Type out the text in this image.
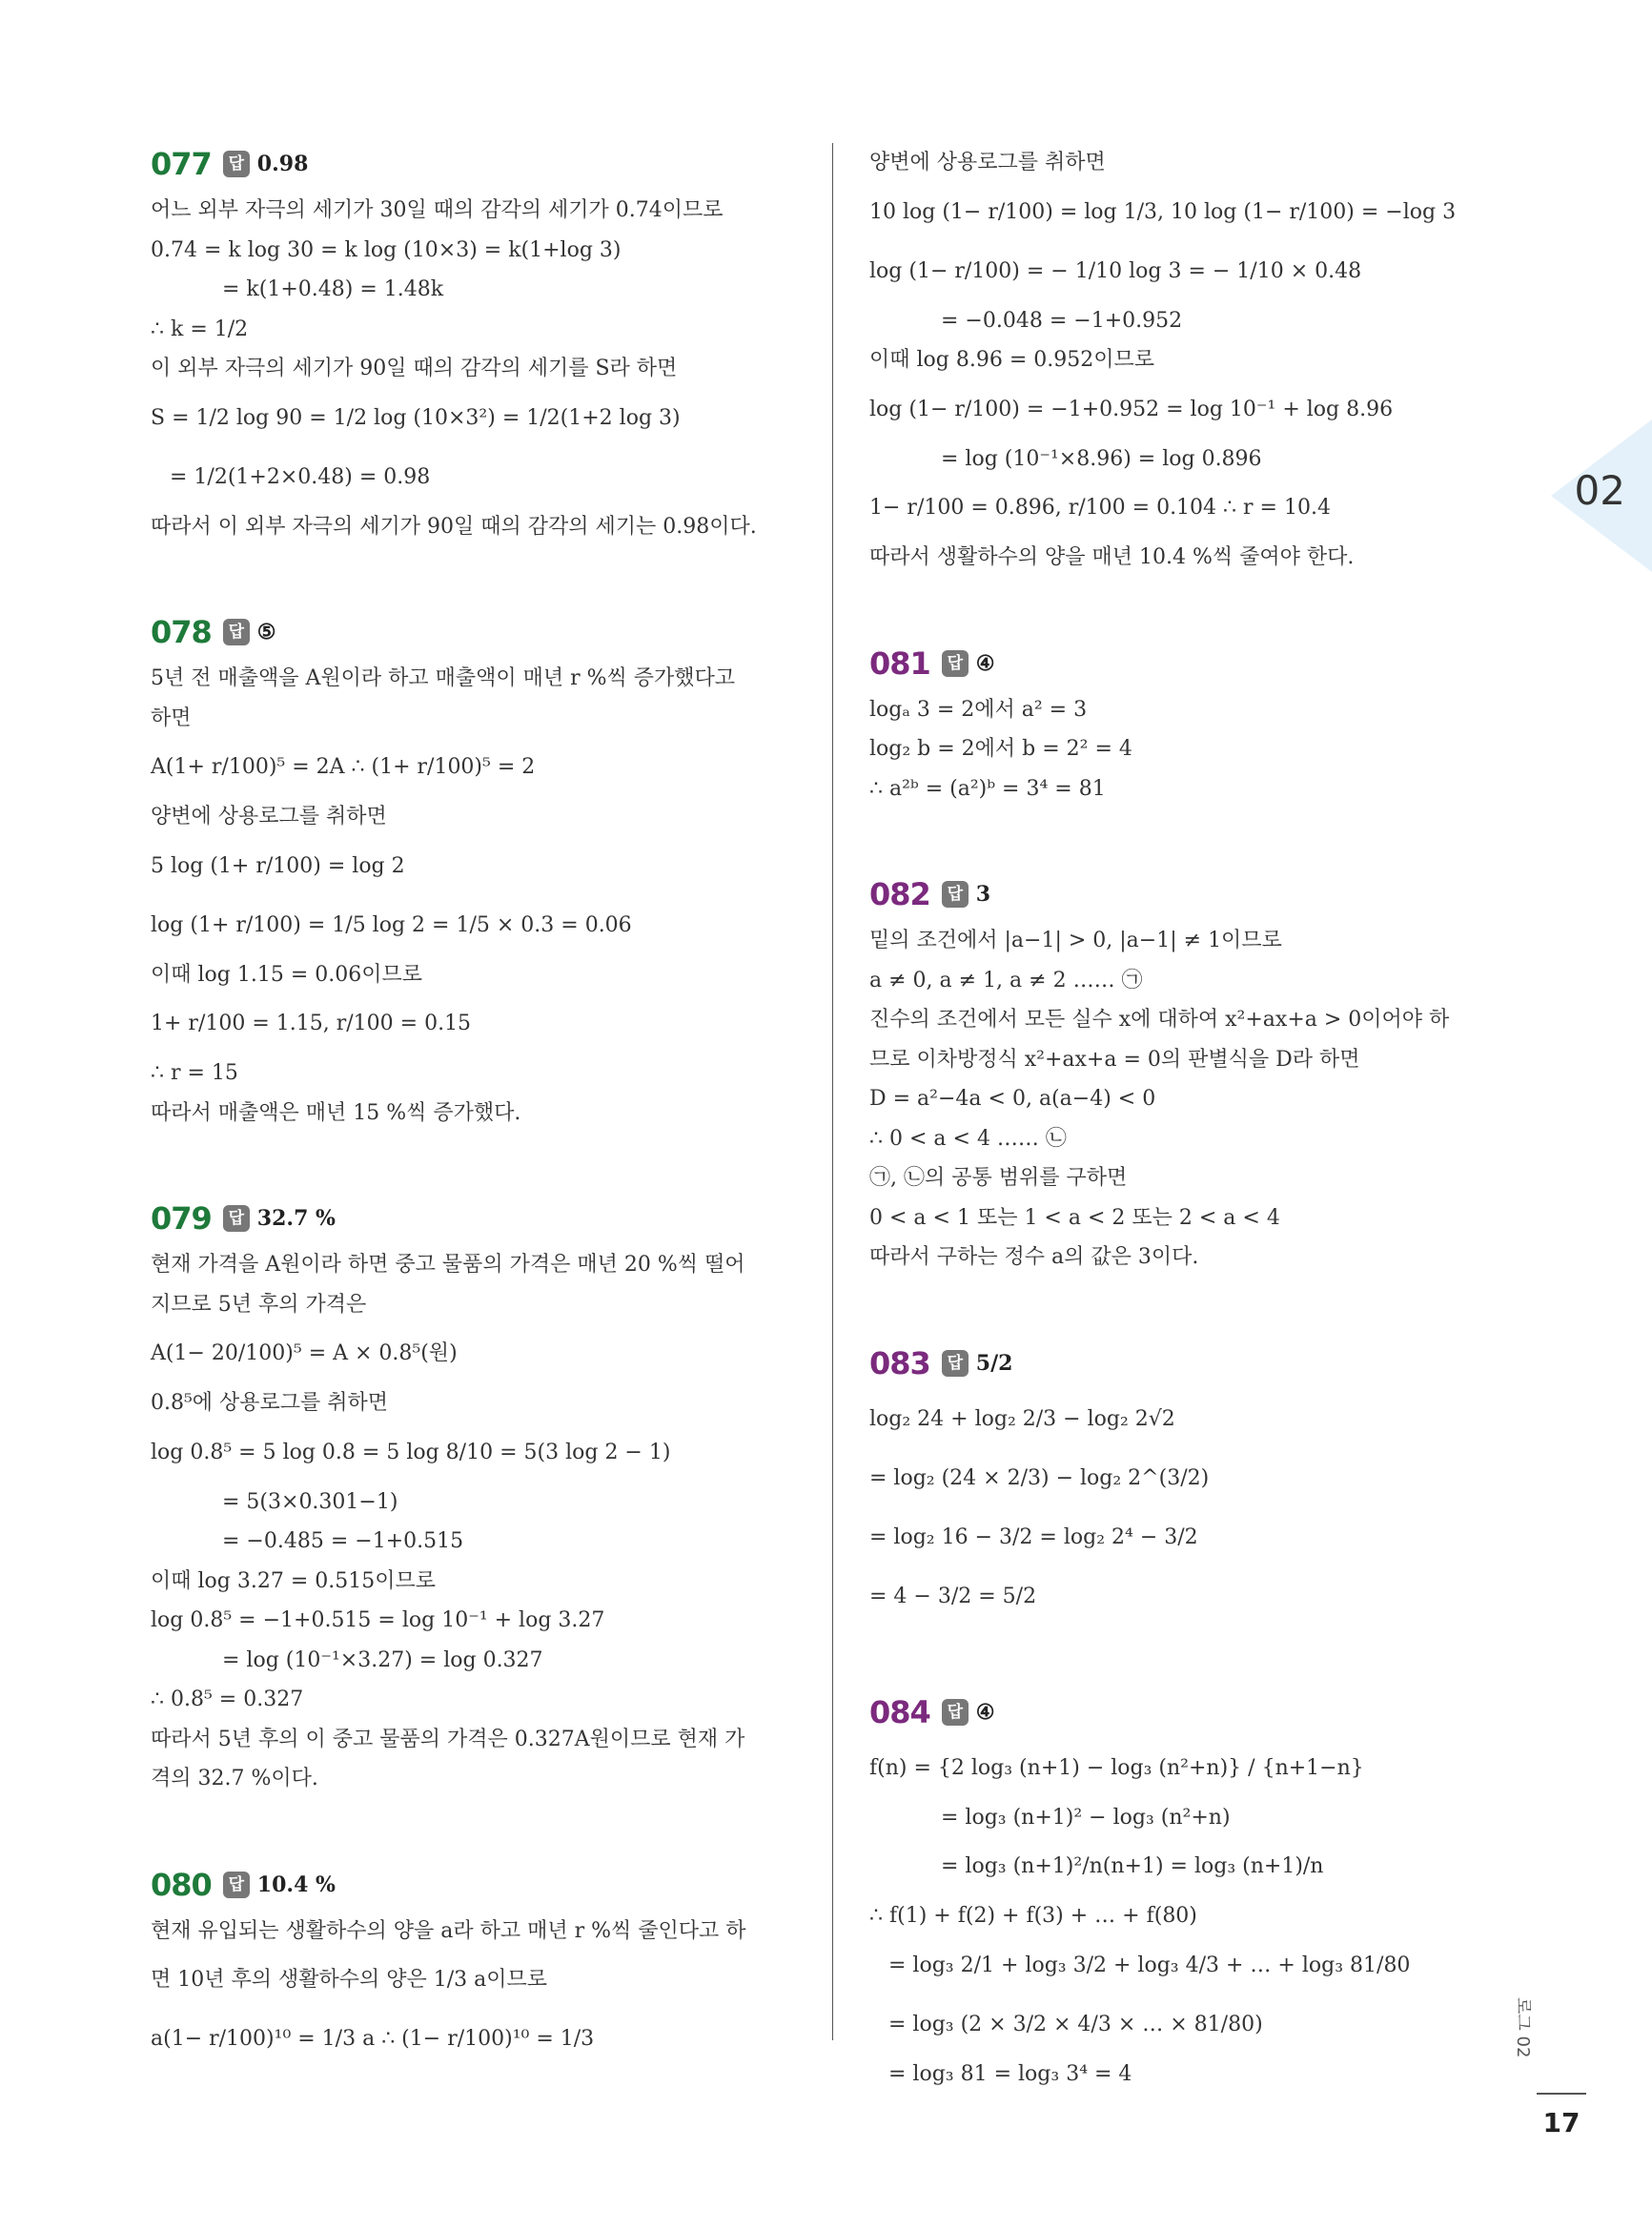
077	답 0.98
어느 외부 자극의 세기가 30일 때의 감각의 세기가 0.74이므로
0.74 = k log 30 = k log (10×3) = k(1+log 3)
= k(1+0.48) = 1.48k
∴ k = 1/2
이 외부 자극의 세기가 90일 때의 감각의 세기를 S라 하면
S = 1/2 log 90 = 1/2 log (10×3²) = 1/2(1+2 log 3)
= 1/2(1+2×0.48) = 0.98
따라서 이 외부 자극의 세기가 90일 때의 감각의 세기는 0.98이다.
078	답 ⑤
5년 전 매출액을 A원이라 하고 매출액이 매년 r %씩 증가했다고
하면
A(1+ r/100)⁵ = 2A ∴ (1+ r/100)⁵ = 2
양변에 상용로그를 취하면
5 log (1+ r/100) = log 2
log (1+ r/100) = 1/5 log 2 = 1/5 × 0.3 = 0.06
이때 log 1.15 = 0.06이므로
1+ r/100 = 1.15, r/100 = 0.15
∴ r = 15
따라서 매출액은 매년 15 %씩 증가했다.
079	답 32.7 %
현재 가격을 A원이라 하면 중고 물품의 가격은 매년 20 %씩 떨어
지므로 5년 후의 가격은
A(1− 20/100)⁵ = A × 0.8⁵(원)
0.8⁵에 상용로그를 취하면
log 0.8⁵ = 5 log 0.8 = 5 log 8/10 = 5(3 log 2 − 1)
= 5(3×0.301−1)
= −0.485 = −1+0.515
이때 log 3.27 = 0.515이므로
log 0.8⁵ = −1+0.515 = log 10⁻¹ + log 3.27
= log (10⁻¹×3.27) = log 0.327
∴ 0.8⁵ = 0.327
따라서 5년 후의 이 중고 물품의 가격은 0.327A원이므로 현재 가
격의 32.7 %이다.
080	답 10.4 %
현재 유입되는 생활하수의 양을 a라 하고 매년 r %씩 줄인다고 하
면 10년 후의 생활하수의 양은 1/3 a이므로
a(1− r/100)¹⁰ = 1/3 a ∴ (1− r/100)¹⁰ = 1/3
양변에 상용로그를 취하면
10 log (1− r/100) = log 1/3, 10 log (1− r/100) = −log 3
log (1− r/100) = − 1/10 log 3 = − 1/10 × 0.48
= −0.048 = −1+0.952
이때 log 8.96 = 0.952이므로
log (1− r/100) = −1+0.952 = log 10⁻¹ + log 8.96
= log (10⁻¹×8.96) = log 0.896
1− r/100 = 0.896, r/100 = 0.104 ∴ r = 10.4
따라서 생활하수의 양을 매년 10.4 %씩 줄여야 한다.
081	답 ④
logₐ 3 = 2에서 a² = 3
log₂ b = 2에서 b = 2² = 4
∴ a²ᵇ = (a²)ᵇ = 3⁴ = 81
082	답 3
밑의 조건에서 |a−1| > 0, |a−1| ≠ 1이므로
a ≠ 0, a ≠ 1, a ≠ 2 …… ㉠
진수의 조건에서 모든 실수 x에 대하여 x²+ax+a > 0이어야 하
므로 이차방정식 x²+ax+a = 0의 판별식을 D라 하면
D = a²−4a < 0, a(a−4) < 0
∴ 0 < a < 4 …… ㉡
㉠, ㉡의 공통 범위를 구하면
0 < a < 1 또는 1 < a < 2 또는 2 < a < 4
따라서 구하는 정수 a의 값은 3이다.
083	답 5/2
log₂ 24 + log₂ 2/3 − log₂ 2√2
= log₂ (24 × 2/3) − log₂ 2^(3/2)
= log₂ 16 − 3/2 = log₂ 2⁴ − 3/2
= 4 − 3/2 = 5/2
084	답 ④
f(n) = {2 log₃ (n+1) − log₃ (n²+n)} / {n+1−n}
= log₃ (n+1)² − log₃ (n²+n)
= log₃ (n+1)²/n(n+1) = log₃ (n+1)/n
∴ f(1) + f(2) + f(3) + … + f(80)
= log₃ 2/1 + log₃ 3/2 + log₃ 4/3 + … + log₃ 81/80
= log₃ (2 × 3/2 × 4/3 × … × 81/80)
= log₃ 81 = log₃ 3⁴ = 4
02
로그 02
17
